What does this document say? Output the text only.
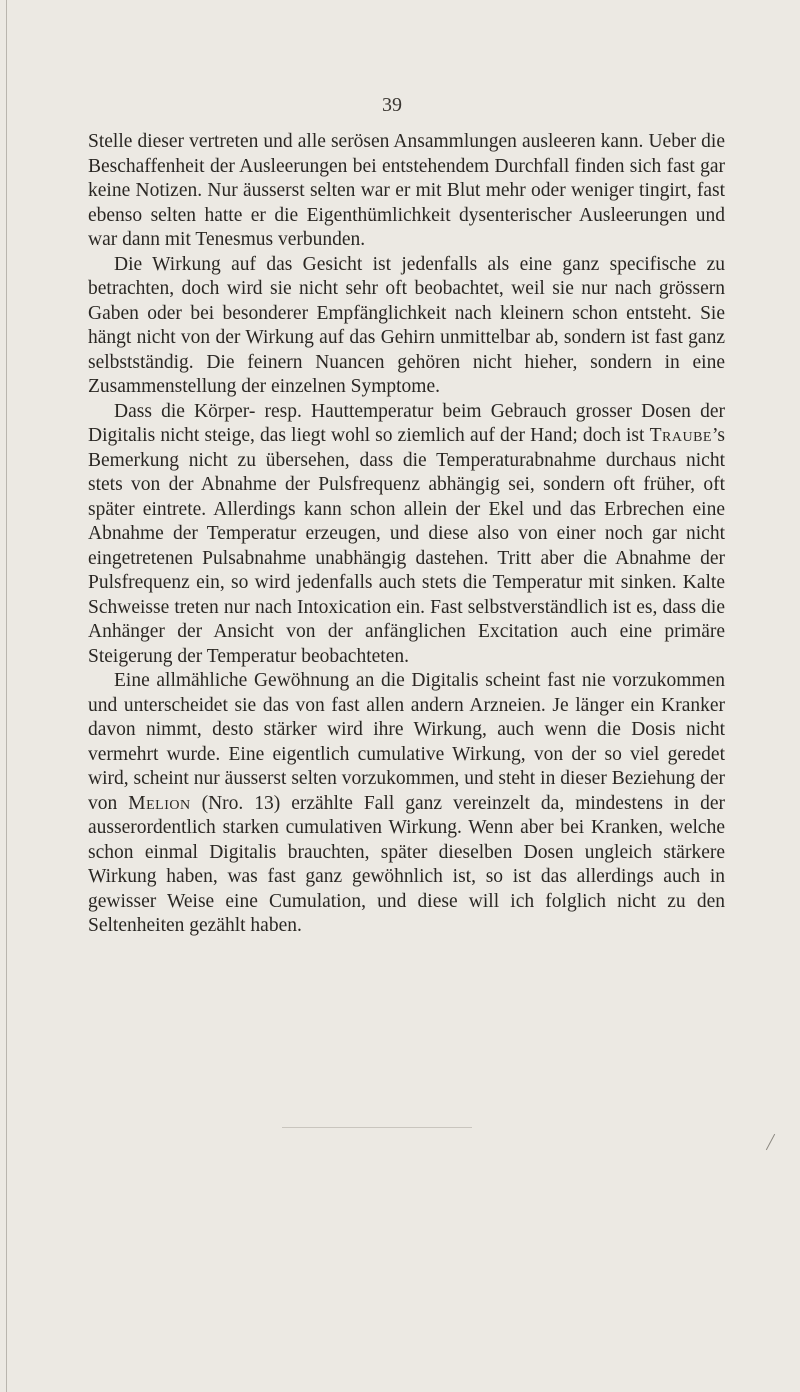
39

Stelle dieser vertreten und alle serösen Ansammlungen ausleeren kann. Ueber die Beschaffenheit der Ausleerungen bei entstehendem Durchfall finden sich fast gar keine Notizen. Nur äusserst selten war er mit Blut mehr oder weniger tingirt, fast ebenso selten hatte er die Eigenthümlichkeit dysenterischer Ausleerungen und war dann mit Tenesmus verbunden.

Die Wirkung auf das Gesicht ist jedenfalls als eine ganz specifische zu betrachten, doch wird sie nicht sehr oft beobachtet, weil sie nur nach grössern Gaben oder bei besonderer Empfänglichkeit nach kleinern schon entsteht. Sie hängt nicht von der Wirkung auf das Gehirn unmittelbar ab, sondern ist fast ganz selbstständig. Die feinern Nuancen gehören nicht hieher, sondern in eine Zusammenstellung der einzelnen Symptome.

Dass die Körper- resp. Hauttemperatur beim Gebrauch grosser Dosen der Digitalis nicht steige, das liegt wohl so ziemlich auf der Hand; doch ist Traube’s Bemerkung nicht zu übersehen, dass die Temperaturabnahme durchaus nicht stets von der Abnahme der Pulsfrequenz abhängig sei, sondern oft früher, oft später eintrete. Allerdings kann schon allein der Ekel und das Erbrechen eine Abnahme der Temperatur erzeugen, und diese also von einer noch gar nicht eingetretenen Pulsabnahme unabhängig dastehen. Tritt aber die Abnahme der Pulsfrequenz ein, so wird jedenfalls auch stets die Temperatur mit sinken. Kalte Schweisse treten nur nach Intoxication ein. Fast selbstverständlich ist es, dass die Anhänger der Ansicht von der anfänglichen Excitation auch eine primäre Steigerung der Temperatur beobachteten.

Eine allmähliche Gewöhnung an die Digitalis scheint fast nie vorzukommen und unterscheidet sie das von fast allen andern Arzneien. Je länger ein Kranker davon nimmt, desto stärker wird ihre Wirkung, auch wenn die Dosis nicht vermehrt wurde. Eine eigentlich cumulative Wirkung, von der so viel geredet wird, scheint nur äusserst selten vorzukommen, und steht in dieser Beziehung der von Melion (Nro. 13) erzählte Fall ganz vereinzelt da, mindestens in der ausserordentlich starken cumulativen Wirkung. Wenn aber bei Kranken, welche schon einmal Digitalis brauchten, später dieselben Dosen ungleich stärkere Wirkung haben, was fast ganz gewöhnlich ist, so ist das allerdings auch in gewisser Weise eine Cumulation, und diese will ich folglich nicht zu den Seltenheiten gezählt haben.
